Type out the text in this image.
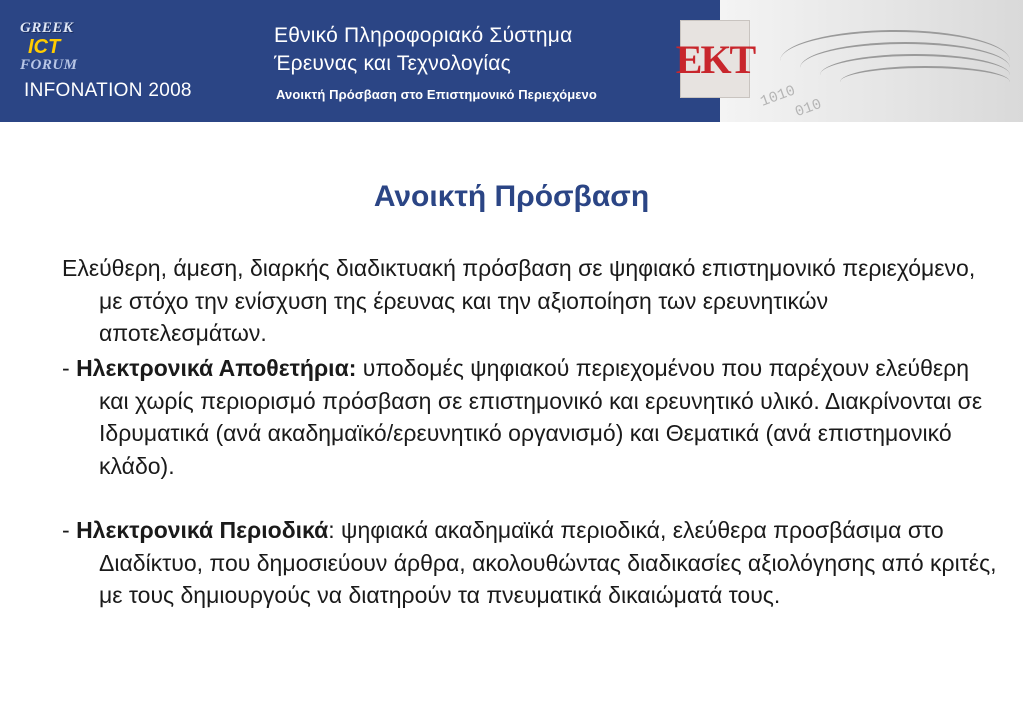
GREEK
ICT
FORUM
INFONATION 2008
Εθνικό Πληροφοριακό Σύστημα
Έρευνας και Τεχνολογίας
Ανοικτή Πρόσβαση στο Επιστημονικό Περιεχόμενο	1010
010
EKT
Ανοικτή Πρόσβαση

Ελεύθερη, άμεση, διαρκής διαδικτυακή πρόσβαση σε ψηφιακό επιστημονικό περιεχόμενο, με στόχο την ενίσχυση της έρευνας και την αξιοποίηση των ερευνητικών αποτελεσμάτων.

- Ηλεκτρονικά Αποθετήρια: υποδομές ψηφιακού περιεχομένου που παρέχουν ελεύθερη και χωρίς περιορισμό πρόσβαση σε επιστημονικό και ερευνητικό υλικό. Διακρίνονται σε Ιδρυματικά (ανά ακαδημαϊκό/ερευνητικό οργανισμό) και Θεματικά (ανά επιστημονικό κλάδο).

- Ηλεκτρονικά Περιοδικά: ψηφιακά ακαδημαϊκά περιοδικά, ελεύθερα προσβάσιμα στο Διαδίκτυο, που δημοσιεύουν άρθρα, ακολουθώντας διαδικασίες αξιολόγησης από κριτές, με τους δημιουργούς να διατηρούν τα πνευματικά δικαιώματά τους.
